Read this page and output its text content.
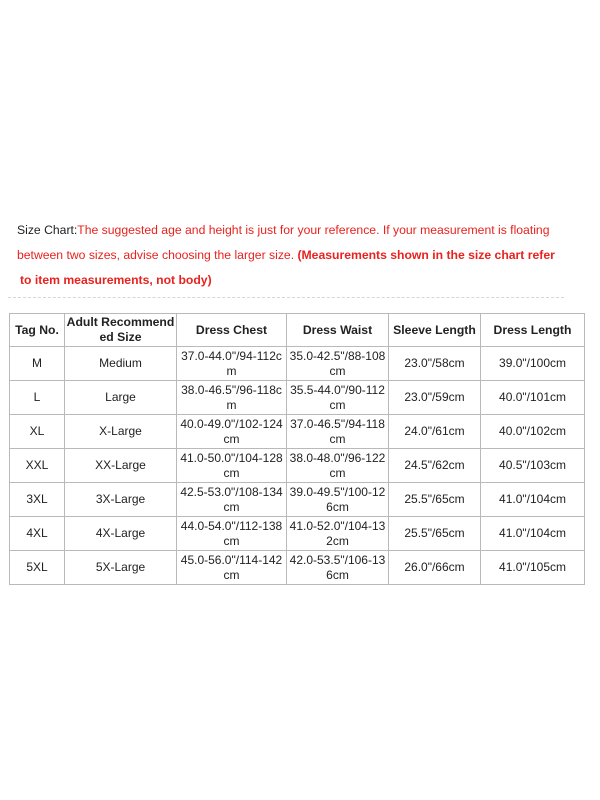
Size Chart:The suggested age and height is just for your reference. If your measurement is floating
between two sizes, advise choosing the larger size. (Measurements shown in the size chart refer
to item measurements, not body)
Tag No.	Adult Recommend ed Size	Dress Chest	Dress Waist	Sleeve Length	Dress Length
M	Medium	37.0-44.0"/94-112cm	35.0-42.5"/88-108cm	23.0"/58cm	39.0"/100cm
L	Large	38.0-46.5"/96-118cm	35.5-44.0"/90-112cm	23.0"/59cm	40.0"/101cm
XL	X-Large	40.0-49.0"/102-124cm	37.0-46.5"/94-118cm	24.0"/61cm	40.0"/102cm
XXL	XX-Large	41.0-50.0"/104-128cm	38.0-48.0"/96-122cm	24.5"/62cm	40.5"/103cm
3XL	3X-Large	42.5-53.0"/108-134cm	39.0-49.5"/100-126cm	25.5"/65cm	41.0"/104cm
4XL	4X-Large	44.0-54.0"/112-138cm	41.0-52.0"/104-132cm	25.5"/65cm	41.0"/104cm
5XL	5X-Large	45.0-56.0"/114-142cm	42.0-53.5"/106-136cm	26.0"/66cm	41.0"/105cm
